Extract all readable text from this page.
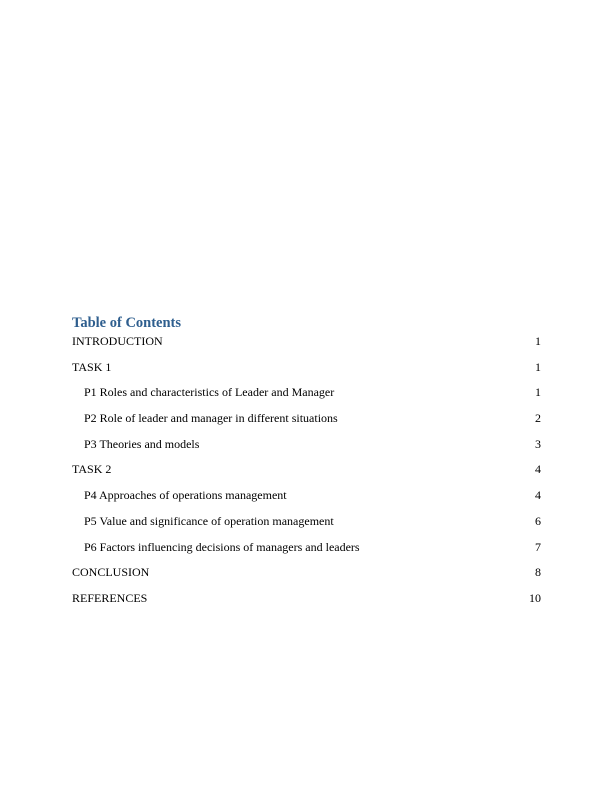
Table of Contents
INTRODUCTION	1
TASK 1	1
P1 Roles and characteristics of Leader and Manager	1
P2 Role of leader and manager in different situations	2
P3 Theories and models	3
TASK 2	4
P4 Approaches of operations management	4
P5 Value and significance of operation management	6
P6 Factors influencing decisions of managers and leaders	7
CONCLUSION	8
REFERENCES	10
